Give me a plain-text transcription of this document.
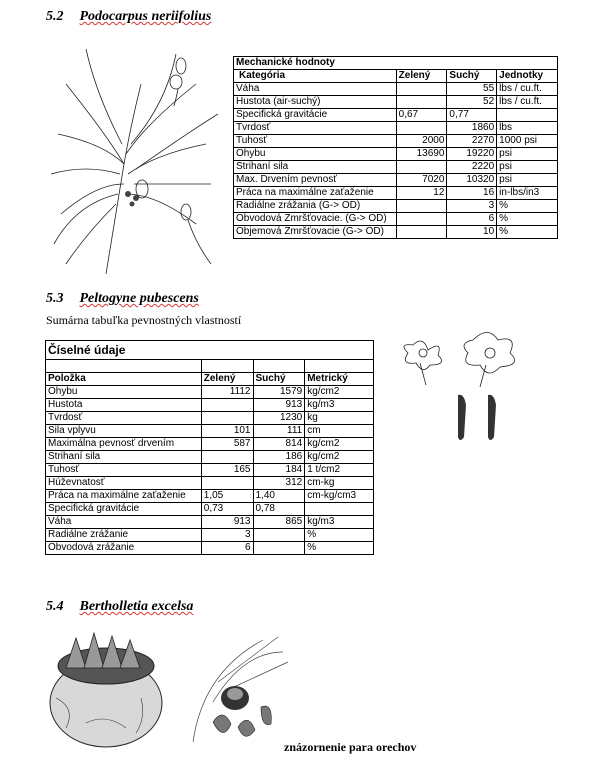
5.2 Podocarpus neriifolius
5.3 Peltogyne pubescens
5.4 Bertholletia excelsa
Sumárna tabuľka pevnostných vlastností
Mechanické hodnoty			
Kategória	Zelený	Suchý	Jednotky
Váha		55	lbs / cu.ft.
Hustota (air-suchý)		52	lbs / cu.ft.
Specifická gravitácie	0,67	0,77	
Tvrdosť		1860	lbs
Tuhosť	2000	2270	1000 psi
Ohybu	13690	19220	psi
Strihaní sila		2220	psi
Max. Drvením pevnosť	7020	10320	psi
Práca na maximálne zaťaženie	12	16	in-lbs/in3
Radiálne zrážania (G-> OD)		3	%
Obvodová Zmršťovacie. (G-> OD)		6	%
Objemová Zmršťovacie (G-> OD)		10	%
Číselné údaje			

Položka	Zelený	Suchý	Metrický
Ohybu	1112	1579	kg/cm2
Hustota		913	kg/m3
Tvrdosť		1230	kg
Sila vplyvu	101	111	cm
Maximálna pevnosť drvením	587	814	kg/cm2
Strihaní sila		186	kg/cm2
Tuhosť	165	184	1 t/cm2
Húževnatosť		312	cm-kg
Práca na maximálne zaťaženie	1,05	1,40	cm-kg/cm3
Specifická gravitácie	0,73	0,78	
Váha	913	865	kg/m3
Radiálne zrážanie	3		%
Obvodová zrážanie	6		%
znázornenie para orechov
